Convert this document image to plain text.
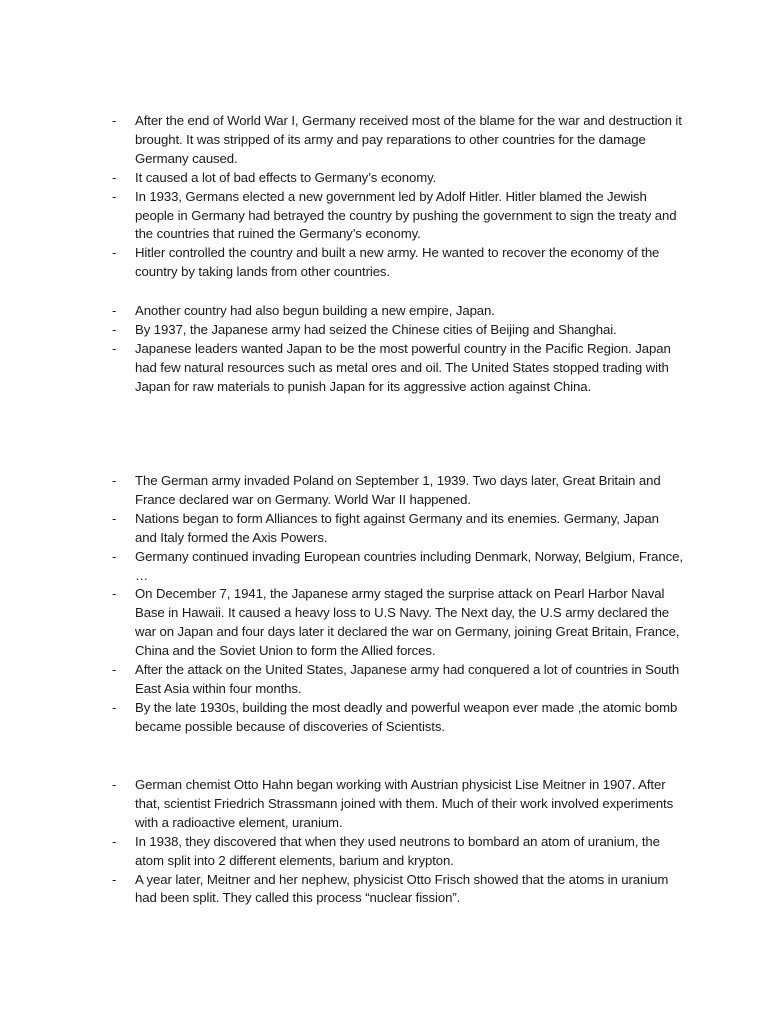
-	After the end of World War I, Germany received most of the blame for the war and destruction it brought. It was stripped of its army and pay reparations to other countries for the damage Germany caused.
-	It caused a lot of bad effects to Germany’s economy.
-	In 1933, Germans elected a new government led by Adolf Hitler. Hitler blamed the Jewish people in Germany had betrayed the country by pushing the government to sign the treaty and the countries that ruined the Germany’s economy.
-	Hitler controlled the country and built a new army. He wanted to recover the economy of the country by taking lands from other countries.
-	Another country had also begun building a new empire, Japan.
-	By 1937, the Japanese army had seized the Chinese cities of Beijing and Shanghai.
-	Japanese leaders wanted Japan to be the most powerful country in the Pacific Region. Japan had few natural resources such as metal ores and oil. The United States stopped trading with Japan for raw materials to punish Japan for its aggressive action against China.
-	The German army invaded Poland on September 1, 1939. Two days later, Great Britain and France declared war on Germany. World War II happened.
-	Nations began to form Alliances to fight against Germany and its enemies. Germany, Japan and Italy formed the Axis Powers.
-	Germany continued invading European countries including Denmark, Norway, Belgium, France, …
-	On December 7, 1941, the Japanese army staged the surprise attack on Pearl Harbor Naval Base in Hawaii. It caused a heavy loss to U.S Navy. The Next day, the U.S army declared the war on Japan and four days later it declared the war on Germany, joining Great Britain, France, China and the Soviet Union to form the Allied forces.
-	After the attack on the United States, Japanese army had conquered a lot of countries in South East Asia within four months.
-	By the late 1930s, building the most deadly and powerful weapon ever made ,the atomic bomb became possible because of discoveries of Scientists.
-	German chemist Otto Hahn began working with Austrian physicist Lise Meitner in 1907. After that, scientist Friedrich Strassmann joined with them. Much of their work involved experiments with a radioactive element, uranium.
-	In 1938, they discovered that when they used neutrons to bombard an atom of uranium, the atom split into 2 different elements, barium and krypton.
-	A year later, Meitner and her nephew, physicist Otto Frisch showed that the atoms in uranium had been split. They called this process “nuclear fission”.
